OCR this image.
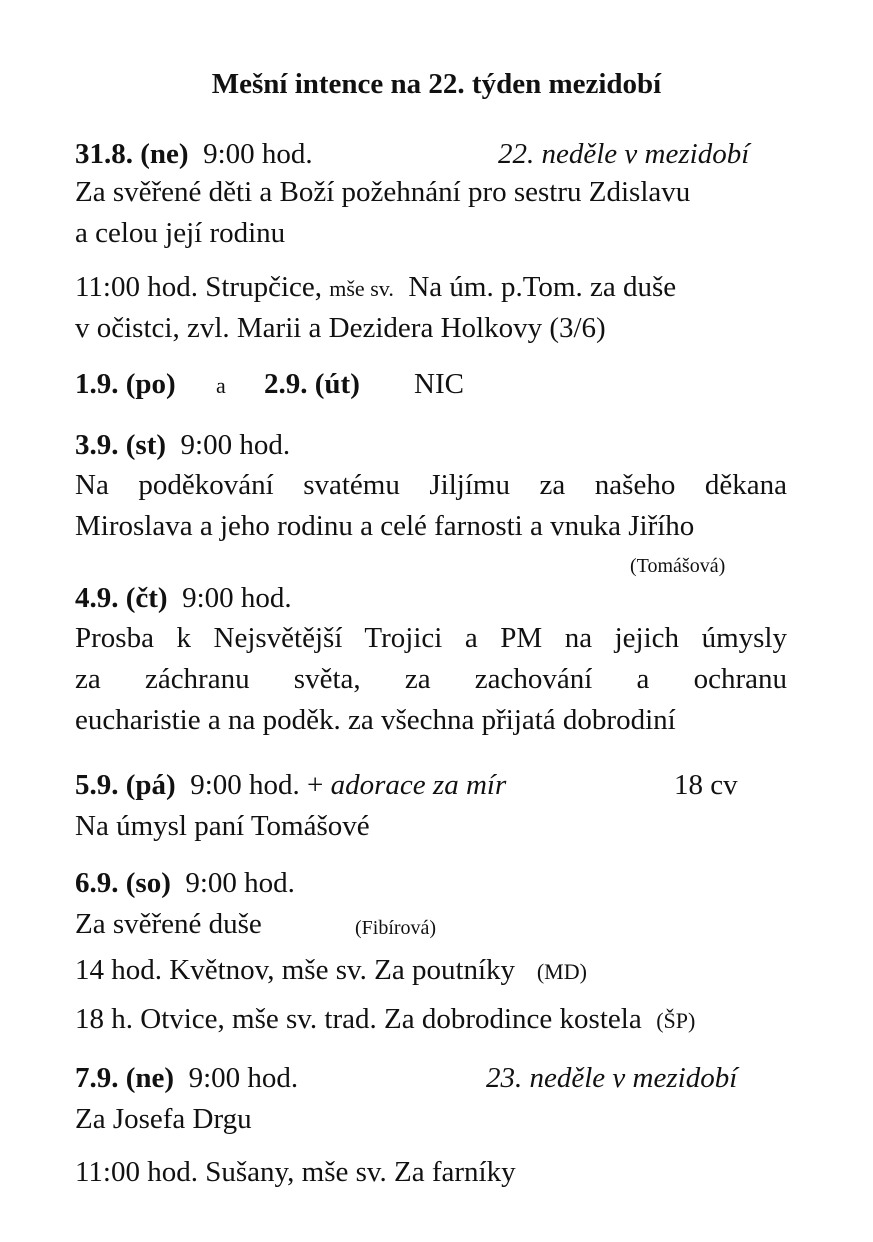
Mešní intence na 22. týden mezidobí
31.8. (ne) 9:00 hod.	22. neděle v mezidobí
Za svěřené děti a Boží požehnání pro sestru Zdislavu
a celou její rodinu
11:00 hod. Strupčice, mše sv. Na úm. p.Tom. za duše
v očistci, zvl. Marii a Dezidera Holkovy (3/6)
1.9. (po) a 2.9. (út) NIC
3.9. (st) 9:00 hod.
Na poděkování svatému Jiljímu za našeho děkana
Miroslava a jeho rodinu a celé farnosti a vnuka Jiřího
(Tomášová)
4.9. (čt) 9:00 hod.
Prosba k Nejsvětější Trojici a PM na jejich úmysly
za záchranu světa, za zachování a ochranu
eucharistie a na poděk. za všechna přijatá dobrodiní
5.9. (pá) 9:00 hod. + adorace za mír	18 cv
Na úmysl paní Tomášové
6.9. (so) 9:00 hod.
Za svěřené duše	(Fibírová)
14 hod. Květnov, mše sv. Za poutníky (MD)
18 h. Otvice, mše sv. trad. Za dobrodince kostela (ŠP)
7.9. (ne) 9:00 hod.	23. neděle v mezidobí
Za Josefa Drgu
11:00 hod. Sušany, mše sv. Za farníky
